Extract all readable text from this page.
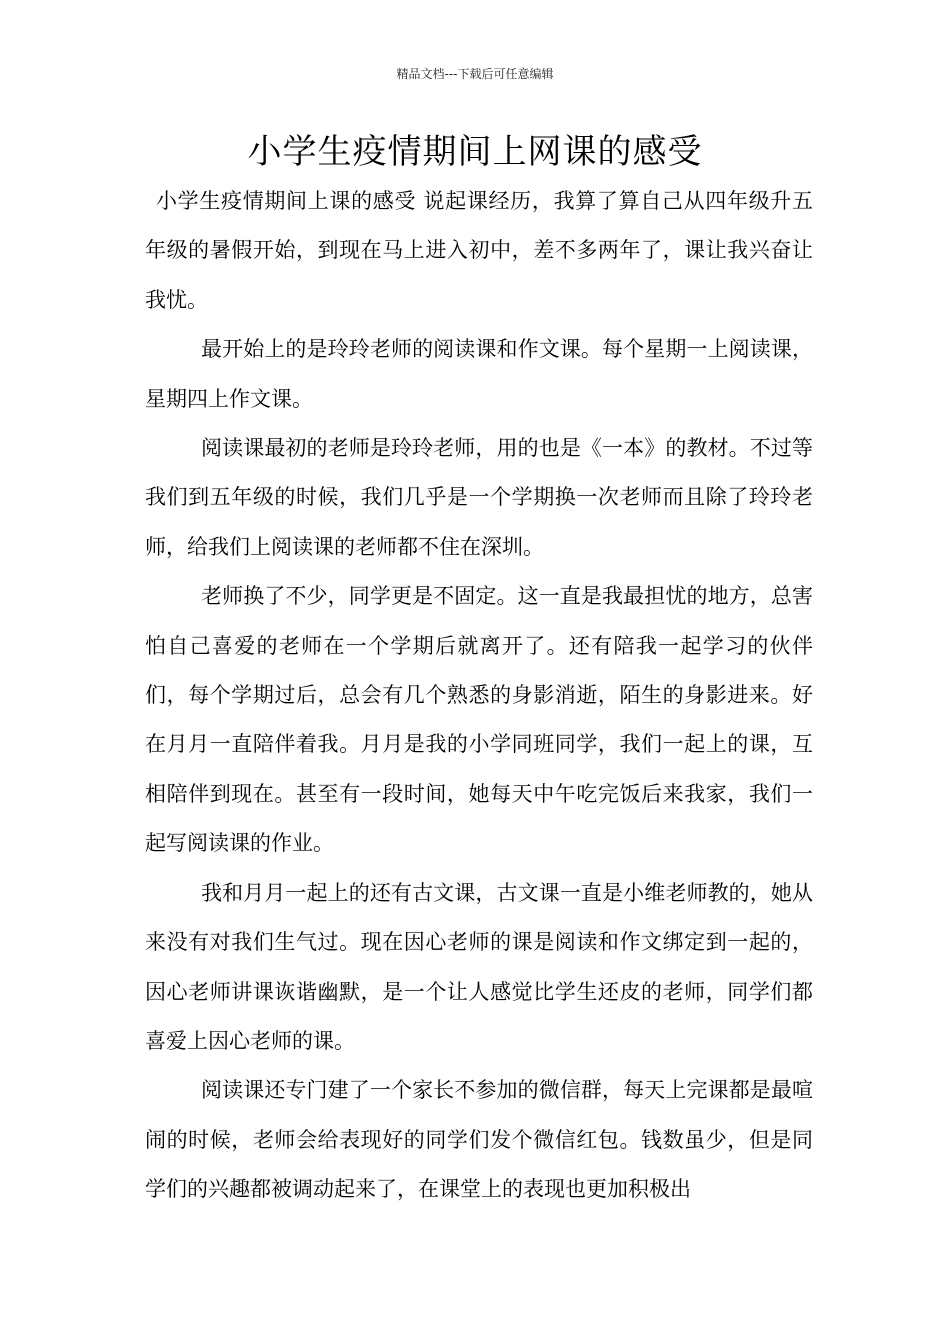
精品文档---下载后可任意编辑
小学生疫情期间上网课的感受

小学生疫情期间上课的感受 说起课经历，我算了算自己从四年级升五年级的暑假开始，到现在马上进入初中，差不多两年了，课让我兴奋让我忧。

最开始上的是玲玲老师的阅读课和作文课。每个星期一上阅读课，星期四上作文课。

阅读课最初的老师是玲玲老师，用的也是《一本》的教材。不过等我们到五年级的时候，我们几乎是一个学期换一次老师而且除了玲玲老师，给我们上阅读课的老师都不住在深圳。

老师换了不少，同学更是不固定。这一直是我最担忧的地方，总害怕自己喜爱的老师在一个学期后就离开了。还有陪我一起学习的伙伴们，每个学期过后，总会有几个熟悉的身影消逝，陌生的身影进来。好在月月一直陪伴着我。月月是我的小学同班同学，我们一起上的课，互相陪伴到现在。甚至有一段时间，她每天中午吃完饭后来我家，我们一起写阅读课的作业。

我和月月一起上的还有古文课，古文课一直是小维老师教的，她从来没有对我们生气过。现在因心老师的课是阅读和作文绑定到一起的，因心老师讲课诙谐幽默，是一个让人感觉比学生还皮的老师，同学们都喜爱上因心老师的课。

阅读课还专门建了一个家长不参加的微信群，每天上完课都是最喧闹的时候，老师会给表现好的同学们发个微信红包。钱数虽少，但是同学们的兴趣都被调动起来了，在课堂上的表现也更加积极出
